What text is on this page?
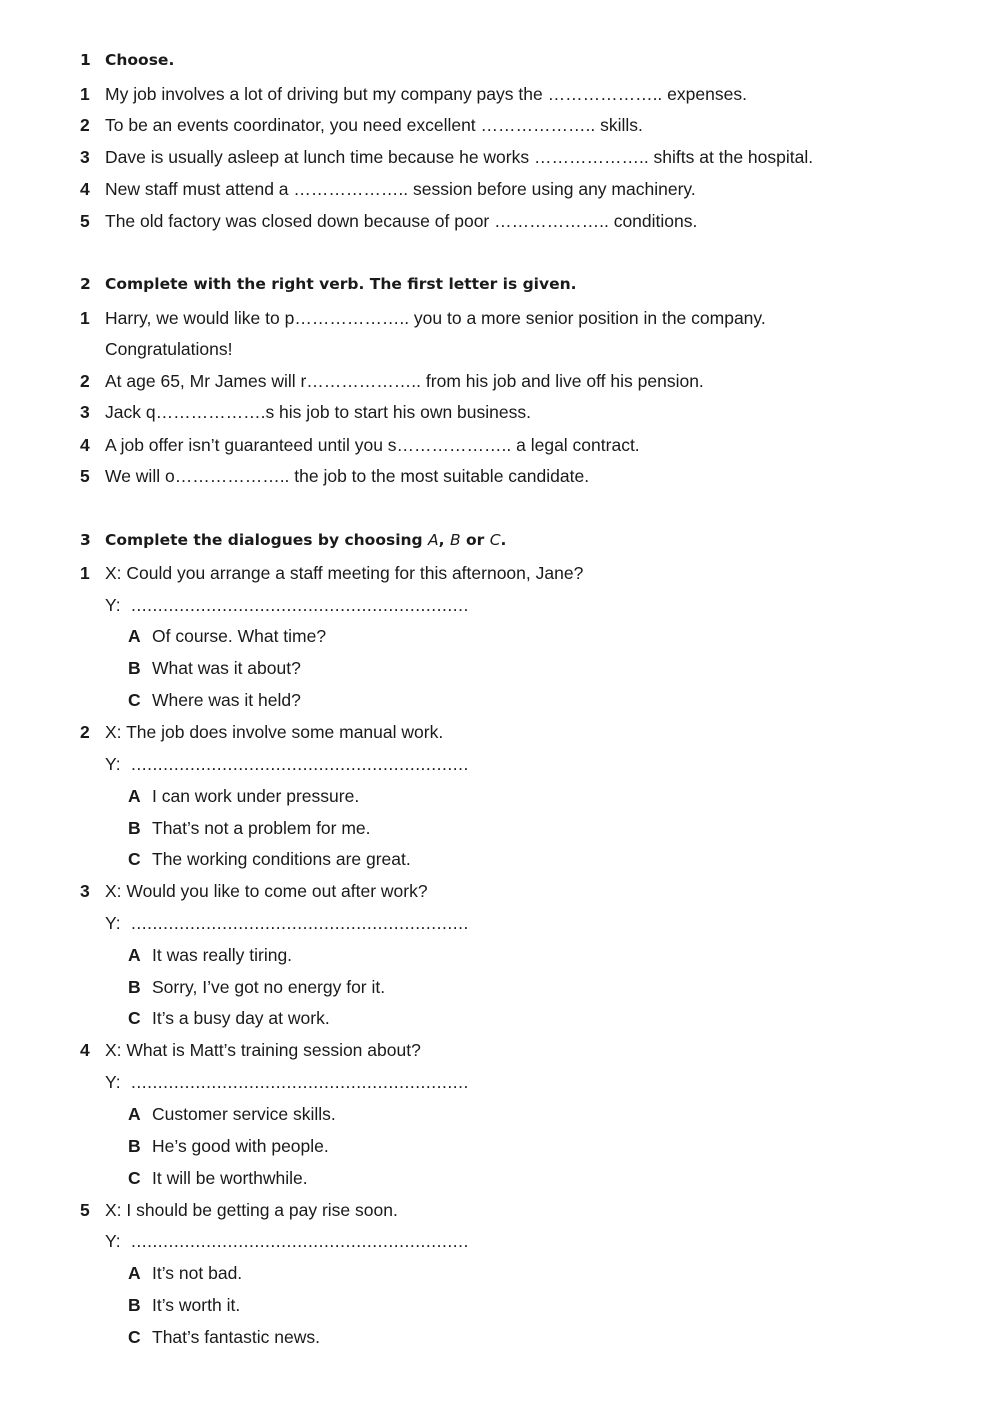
1 Choose.
1 My job involves a lot of driving but my company pays the ……………….. expenses.
2 To be an events coordinator, you need excellent ……………….. skills.
3 Dave is usually asleep at lunch time because he works ……………….. shifts at the hospital.
4 New staff must attend a ……………….. session before using any machinery.
5 The old factory was closed down because of poor ……………….. conditions.
2 Complete with the right verb. The first letter is given.
1 Harry, we would like to p……………….. you to a more senior position in the company.
Congratulations!
2 At age 65, Mr James will r……………….. from his job and live off his pension.
3 Jack q……………….s his job to start his own business.
4 A job offer isn’t guaranteed until you s……………….. a legal contract.
5 We will o……………….. the job to the most suitable candidate.
3 Complete the dialogues by choosing A, B or C.
1 X: Could you arrange a staff meeting for this afternoon, Jane?
Y: ...............................................................
A Of course. What time?
B What was it about?
C Where was it held?
2 X: The job does involve some manual work.
Y: ...............................................................
A I can work under pressure.
B That’s not a problem for me.
C The working conditions are great.
3 X: Would you like to come out after work?
Y: ...............................................................
A It was really tiring.
B Sorry, I’ve got no energy for it.
C It’s a busy day at work.
4 X: What is Matt’s training session about?
Y: ...............................................................
A Customer service skills.
B He’s good with people.
C It will be worthwhile.
5 X: I should be getting a pay rise soon.
Y: ...............................................................
A It’s not bad.
B It’s worth it.
C That’s fantastic news.
